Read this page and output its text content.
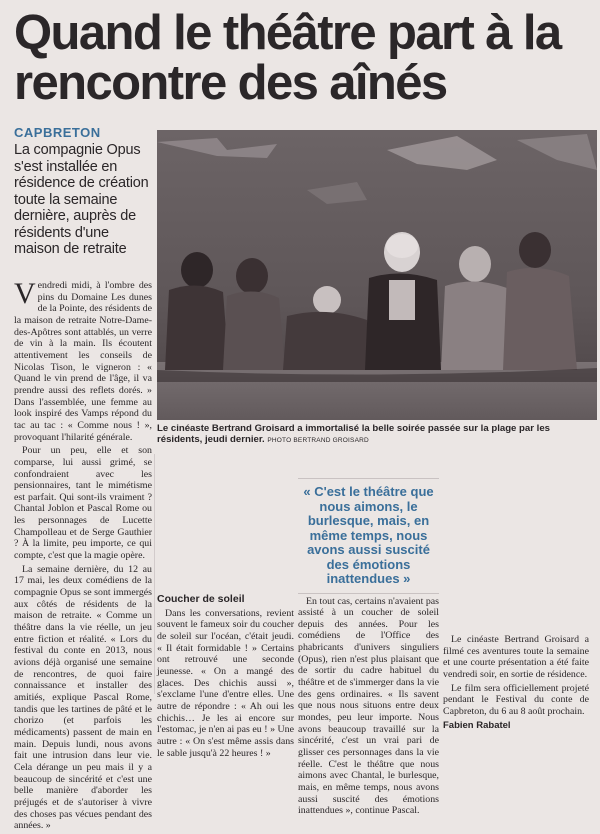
Quand le théâtre part à la rencontre des aînés
CAPBRETON
La compagnie Opus s'est installée en résidence de création toute la semaine dernière, auprès de résidents d'une maison de retraite
Le cinéaste Bertrand Groisard a immortalisé la belle soirée passée sur la plage par les résidents, jeudi dernier. PHOTO BERTRAND GROISARD

Vendredi midi, à l'ombre des pins du Domaine Les dunes de la Pointe, des résidents de la maison de retraite Notre-Dame-des-Apôtres sont attablés, un verre de vin à la main. Ils écoutent attentivement les conseils de Nicolas Tison, le vigneron : « Quand le vin prend de l'âge, il va prendre aussi des reflets dorés. » Dans l'assemblée, une femme au look inspiré des Vamps répond du tac au tac : « Comme nous ! », provoquant l'hilarité générale.

Pour un peu, elle et son comparse, lui aussi grimé, se confondraient avec les pensionnaires, tant le mimétisme est parfait. Qui sont-ils vraiment ? Chantal Joblon et Pascal Rome ou les personnages de Lucette Champolleau et de Serge Gauthier ? À la limite, peu importe, ce qui compte, c'est que la magie opère.

La semaine dernière, du 12 au 17 mai, les deux comédiens de la compagnie Opus se sont immergés aux côtés de résidents de la maison de retraite. « Comme un théâtre dans la vie réelle, un jeu entre fiction et réalité. « Lors du festival du conte en 2013, nous avions déjà organisé une semaine de rencontres, de quoi faire connaissance et installer des amitiés, explique Pascal Rome, tandis que les tartines de pâté et le chorizo (et parfois les médicaments) passent de main en main. Depuis lundi, nous avons fait une intrusion dans leur vie. Cela dérange un peu mais il y a beaucoup de sincérité et c'est une belle manière d'aborder les préjugés et de s'autoriser à vivre des choses pas vécues pendant des années. »

Coucher de soleil

Dans les conversations, revient souvent le fameux soir du coucher de soleil sur l'océan, c'était jeudi. « Il était formidable ! » Certains ont retrouvé une seconde jeunesse. « On a mangé des glaces. Des chichis aussi », s'exclame l'une d'entre elles. Une autre de répondre : « Ah oui les chichis… Je les ai encore sur l'estomac, je n'en ai pas eu ! » Une autre : « On s'est même assis dans le sable jusqu'à 22 heures ! »

« C'est le théâtre que nous aimons, le burlesque, mais, en même temps, nous avons aussi suscité des émotions inattendues »

En tout cas, certains n'avaient pas assisté à un coucher de soleil depuis des années. Pour les comédiens de l'Office des phabricants d'univers singuliers (Opus), rien n'est plus plaisant que de sortir du cadre habituel du théâtre et de s'immerger dans la vie des gens ordinaires. « Ils savent que nous nous situons entre deux mondes, peu leur importe. Nous avons beaucoup travaillé sur la sincérité, c'est un vrai pari de glisser ces personnages dans la vie réelle. C'est le théâtre que nous aimons avec Chantal, le burlesque, mais, en même temps, nous avons aussi suscité des émotions inattendues », continue Pascal.

Le cinéaste Bertrand Groisard a filmé ces aventures toute la semaine et une courte présentation a été faite vendredi soir, en sortie de résidence.

Le film sera officiellement projeté pendant le Festival du conte de Capbreton, du 6 au 8 août prochain.

Fabien Rabatel
